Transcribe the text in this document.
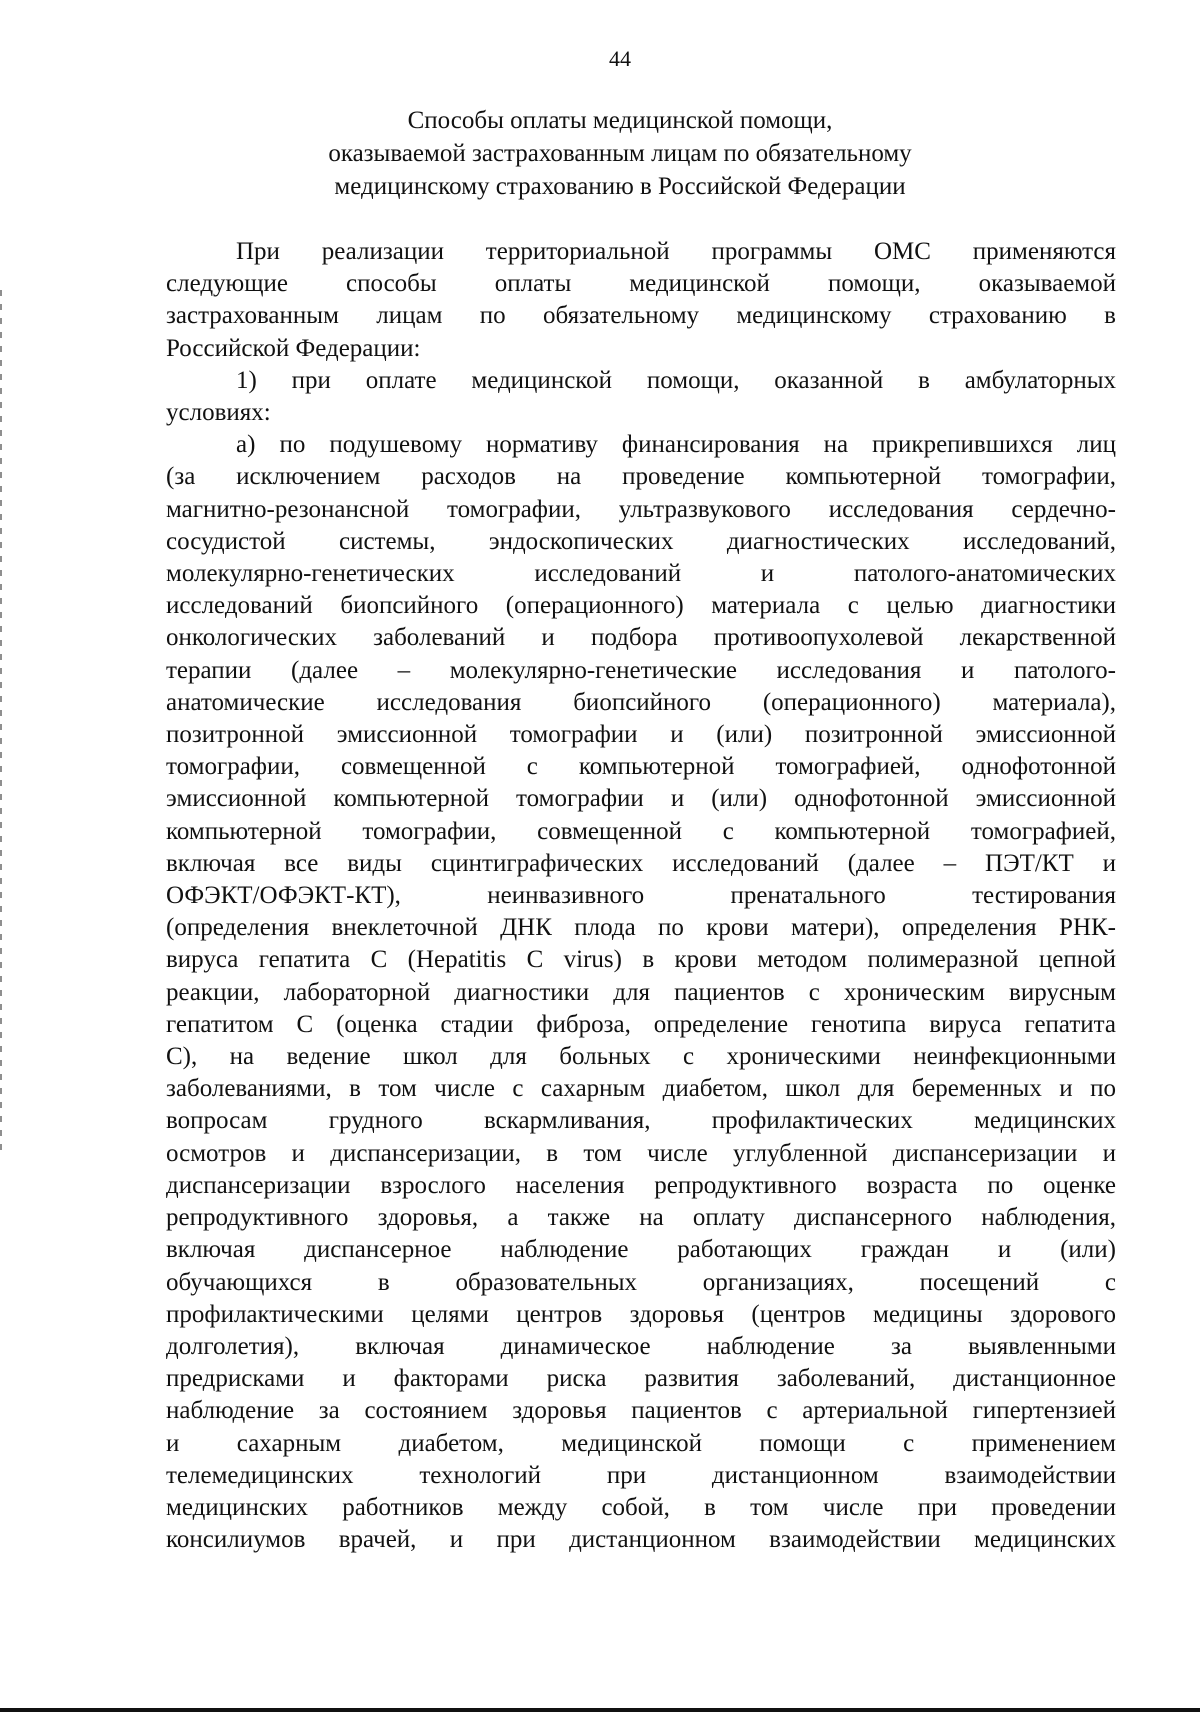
44
Способы оплаты медицинской помощи,
оказываемой застрахованным лицам по обязательному
медицинскому страхованию в Российской Федерации
При реализации территориальной программы ОМС применяются
следующие способы оплаты медицинской помощи, оказываемой
застрахованным лицам по обязательному медицинскому страхованию в
Российской Федерации:
1) при оплате медицинской помощи, оказанной в амбулаторных
условиях:
а) по подушевому нормативу финансирования на прикрепившихся лиц
(за исключением расходов на проведение компьютерной томографии,
магнитно-резонансной томографии, ультразвукового исследования сердечно-
сосудистой системы, эндоскопических диагностических исследований,
молекулярно-генетических исследований и патолого-анатомических
исследований биопсийного (операционного) материала с целью диагностики
онкологических заболеваний и подбора противоопухолевой лекарственной
терапии (далее – молекулярно-генетические исследования и патолого-
анатомические исследования биопсийного (операционного) материала),
позитронной эмиссионной томографии и (или) позитронной эмиссионной
томографии, совмещенной с компьютерной томографией, однофотонной
эмиссионной компьютерной томографии и (или) однофотонной эмиссионной
компьютерной томографии, совмещенной с компьютерной томографией,
включая все виды сцинтиграфических исследований (далее – ПЭТ/КТ и
ОФЭКТ/ОФЭКТ-КТ), неинвазивного пренатального тестирования
(определения внеклеточной ДНК плода по крови матери), определения РНК-
вируса гепатита С (Hepatitis C virus) в крови методом полимеразной цепной
реакции, лабораторной диагностики для пациентов с хроническим вирусным
гепатитом С (оценка стадии фиброза, определение генотипа вируса гепатита
С), на ведение школ для больных с хроническими неинфекционными
заболеваниями, в том числе с сахарным диабетом, школ для беременных и по
вопросам грудного вскармливания, профилактических медицинских
осмотров и диспансеризации, в том числе углубленной диспансеризации и
диспансеризации взрослого населения репродуктивного возраста по оценке
репродуктивного здоровья, а также на оплату диспансерного наблюдения,
включая диспансерное наблюдение работающих граждан и (или)
обучающихся в образовательных организациях, посещений с
профилактическими целями центров здоровья (центров медицины здорового
долголетия), включая динамическое наблюдение за выявленными
предрисками и факторами риска развития заболеваний, дистанционное
наблюдение за состоянием здоровья пациентов с артериальной гипертензией
и сахарным диабетом, медицинской помощи с применением
телемедицинских технологий при дистанционном взаимодействии
медицинских работников между собой, в том числе при проведении
консилиумов врачей, и при дистанционном взаимодействии медицинских
